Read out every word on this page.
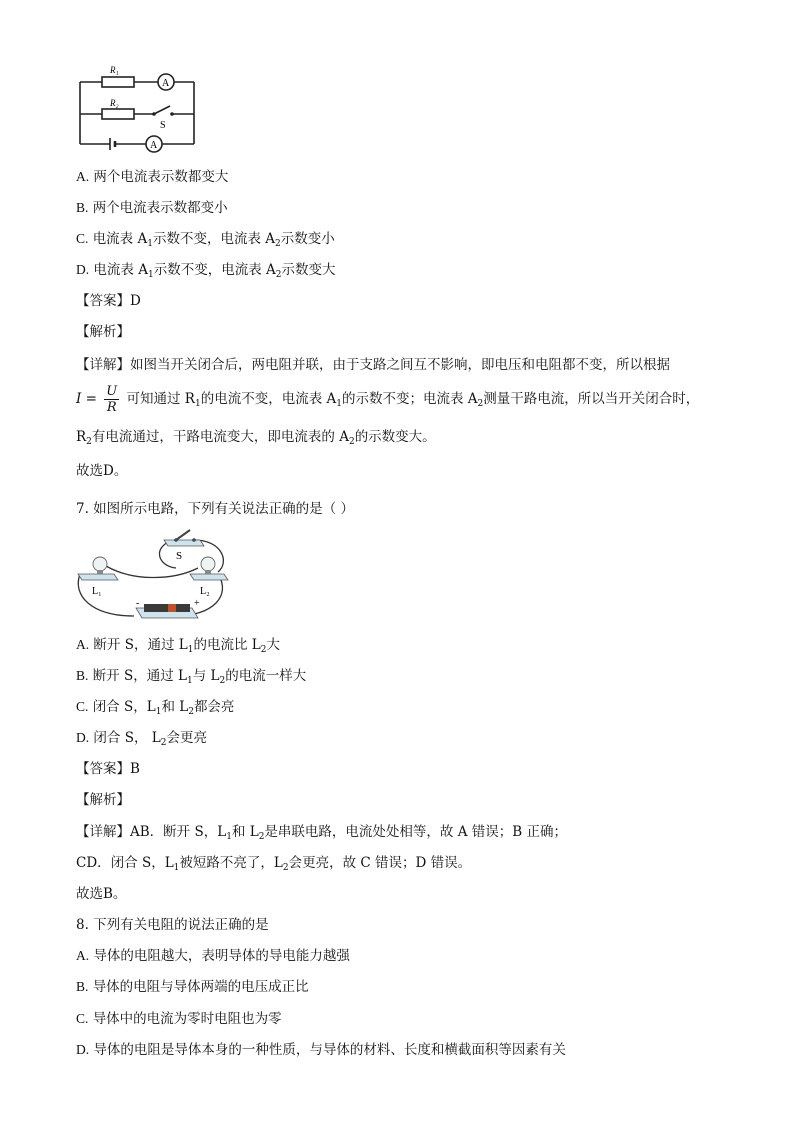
R₁
R₂
A
S
A
A. 两个电流表示数都变大
B. 两个电流表示数都变小
C. 电流表 $A_1$示数不变，电流表 $A_2$示数变小
D. 电流表 $A_1$示数不变，电流表 $A_2$示数变大
【答案】D
【解析】
【详解】如图当开关闭合后，两电阻并联，由于支路之间互不影响，即电压和电阻都不变，所以根据
$I = \frac{U}{R}$ 可知通过 $R_1$的电流不变，电流表 $A_1$的示数不变；电流表 $A_2$测量干路电流，所以当开关闭合时，
$R_2$有电流通过，干路电流变大，即电流表的 $A_2$的示数变大。
故选D。
7. 如图所示电路，下列有关说法正确的是（ ）
S
L₁	L₂
-	+
A. 断开 S，通过 $L_1$的电流比 $L_2$大
B. 断开 S，通过 $L_1$与 $L_2$的电流一样大
C. 闭合 S，$L_1$和 $L_2$都会亮
D. 闭合 S， $L_2$会更亮
【答案】B
【解析】
【详解】AB．断开 S，$L_1$和 $L_2$是串联电路，电流处处相等，故 A 错误；B 正确；
CD．闭合 S，$L_1$被短路不亮了，$L_2$会更亮，故 C 错误；D 错误。
故选B。
8. 下列有关电阻的说法正确的是
A. 导体的电阻越大，表明导体的导电能力越强
B. 导体的电阻与导体两端的电压成正比
C. 导体中的电流为零时电阻也为零
D. 导体的电阻是导体本身的一种性质，与导体的材料、长度和横截面积等因素有关
